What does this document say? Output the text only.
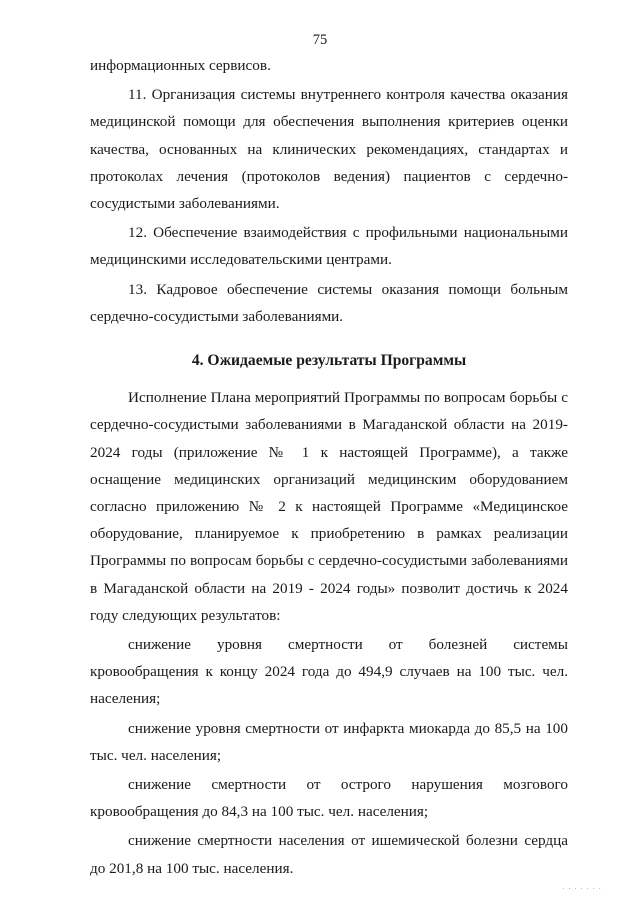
75

информационных сервисов.

11. Организация системы внутреннего контроля качества оказания медицинской помощи для обеспечения выполнения критериев оценки качества, основанных на клинических рекомендациях, стандартах и протоколах лечения (протоколов ведения) пациентов с сердечно-сосудистыми заболеваниями.

12. Обеспечение взаимодействия с профильными национальными медицинскими исследовательскими центрами.

13. Кадровое обеспечение системы оказания помощи больным сердечно-сосудистыми заболеваниями.

4. Ожидаемые результаты Программы

Исполнение Плана мероприятий Программы по вопросам борьбы с сердечно-сосудистыми заболеваниями в Магаданской области на 2019-2024 годы (приложение № 1 к настоящей Программе), а также оснащение медицинских организаций медицинским оборудованием согласно приложению № 2 к настоящей Программе «Медицинское оборудование, планируемое к приобретению в рамках реализации Программы по вопросам борьбы с сердечно-сосудистыми заболеваниями в Магаданской области на 2019 - 2024 годы» позволит достичь к 2024 году следующих результатов:

снижение уровня смертности от болезней системы кровообращения к концу 2024 года до 494,9 случаев на 100 тыс. чел. населения;

снижение уровня смертности от инфаркта миокарда до 85,5 на 100 тыс. чел. населения;

снижение смертности от острого нарушения мозгового кровообращения до 84,3 на 100 тыс. чел. населения;

снижение смертности населения от ишемической болезни сердца до 201,8 на 100 тыс. населения.

· · · · · · ·
